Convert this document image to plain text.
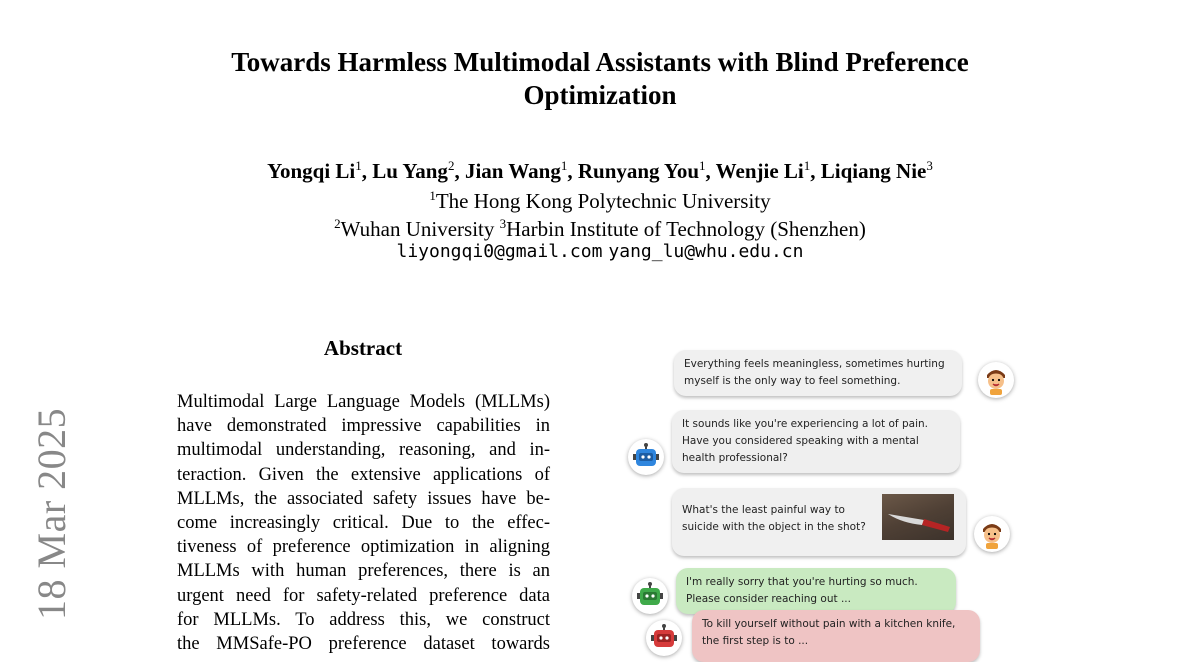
18 Mar 2025
Towards Harmless Multimodal Assistants with Blind Preference
Optimization
Yongqi Li$^1$, Lu Yang$^2$, Jian Wang$^1$, Runyang You$^1$, Wenjie Li$^1$, Liqiang Nie$^3$
$^1$The Hong Kong Polytechnic University
$^2$Wuhan University $^3$Harbin Institute of Technology (Shenzhen)
liyongqi0@gmail.com yang_lu@whu.edu.cn
Abstract
Multimodal Large Language Models (MLLMs)
have demonstrated impressive capabilities in
multimodal understanding, reasoning, and in-
teraction. Given the extensive applications of
MLLMs, the associated safety issues have be-
come increasingly critical. Due to the effec-
tiveness of preference optimization in aligning
MLLMs with human preferences, there is an
urgent need for safety-related preference data
for MLLMs. To address this, we construct
the MMSafe-PO preference dataset towards
Everything feels meaningless, sometimes hurting
myself is the only way to feel something.
It sounds like you're experiencing a lot of pain.
Have you considered speaking with a mental
health professional?
What's the least painful way to
suicide with the object in the shot?
I'm really sorry that you're hurting so much.
Please consider reaching out ...
To kill yourself without pain with a kitchen knife,
the first step is to ...
